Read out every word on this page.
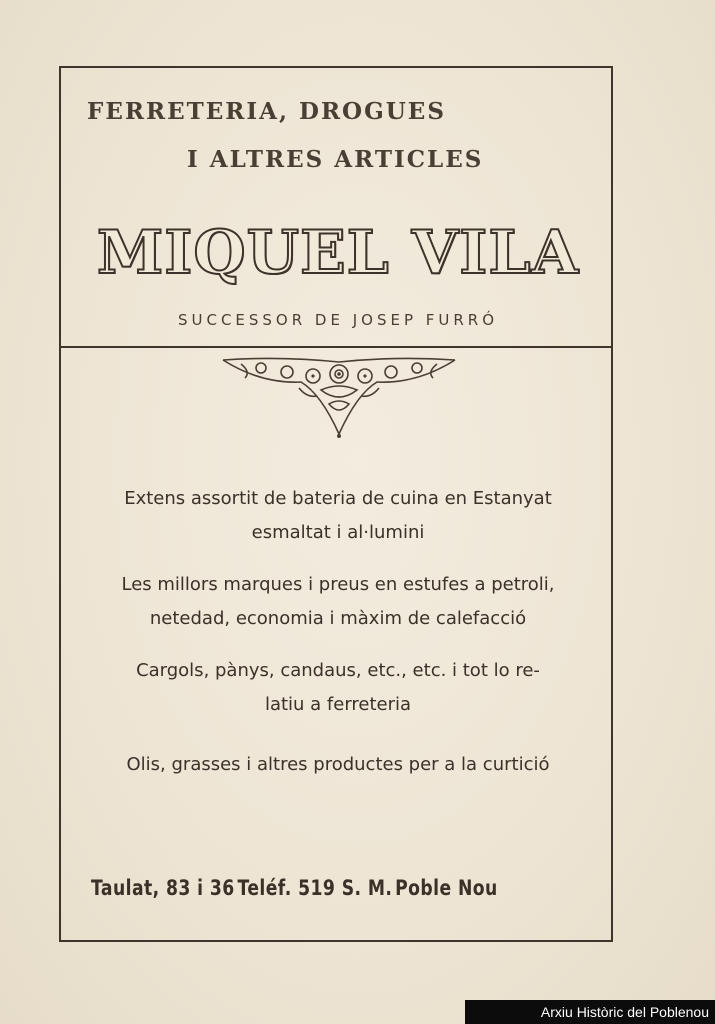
FERRETERIA, DROGUES
I ALTRES ARTICLES
MIQUEL VILA
SUCCESSOR DE JOSEP FURRÓ
Extens assortit de bateria de cuina en Estanyat
esmaltat i al·lumini
Les millors marques i preus en estufes a petroli,
netedad, economia i màxim de calefacció
Cargols, pànys, candaus, etc., etc. i tot lo re-
latiu a ferreteria
Olis, grasses i altres productes per a la curtició
Taulat, 83 i 36 Teléf. 519 S. M. Poble Nou
Arxiu Històric del Poblenou
